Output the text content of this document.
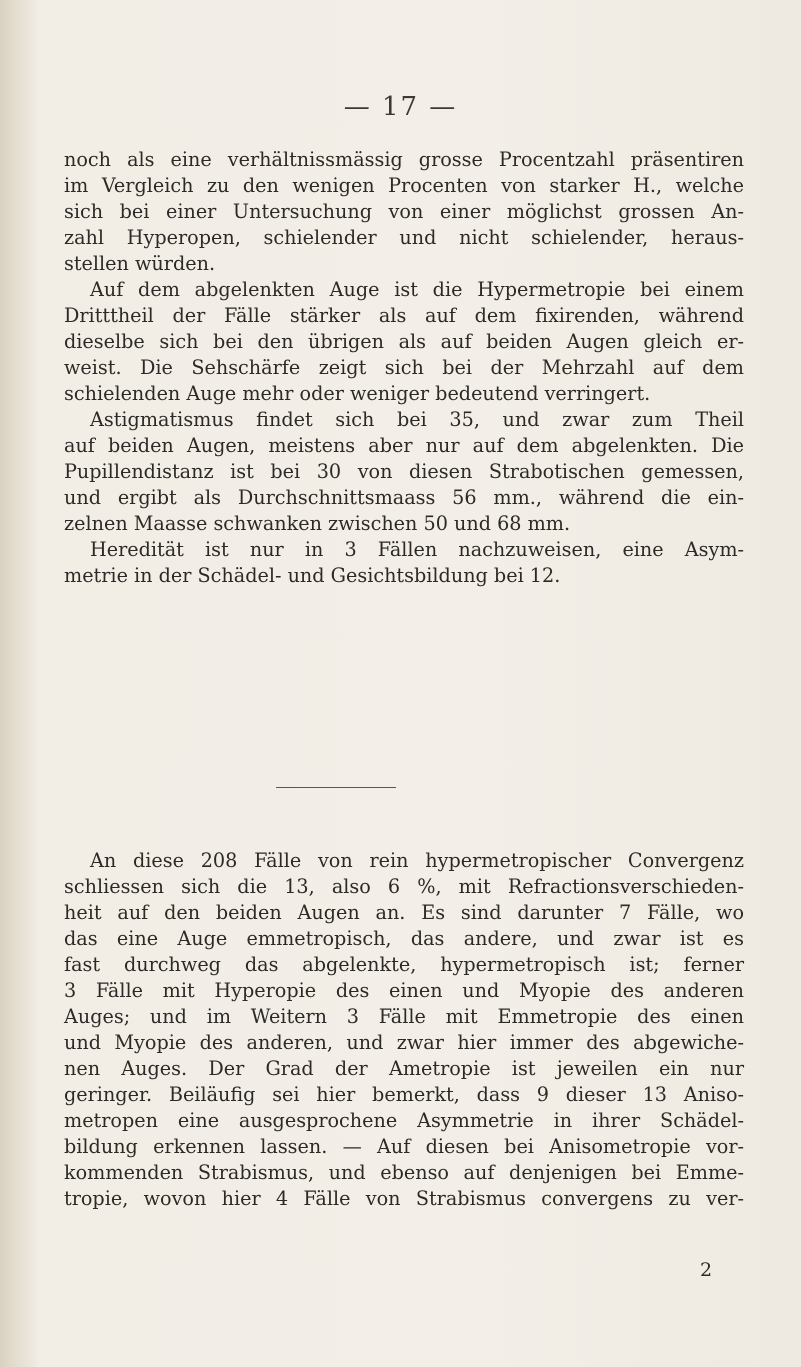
— 17 —
noch als eine verhältnissmässig grosse Procentzahl präsentiren
im Vergleich zu den wenigen Procenten von starker H., welche
sich bei einer Untersuchung von einer möglichst grossen An-
zahl Hyperopen, schielender und nicht schielender, heraus-
stellen würden.
Auf dem abgelenkten Auge ist die Hypermetropie bei einem
Dritttheil der Fälle stärker als auf dem fixirenden, während
dieselbe sich bei den übrigen als auf beiden Augen gleich er-
weist. Die Sehschärfe zeigt sich bei der Mehrzahl auf dem
schielenden Auge mehr oder weniger bedeutend verringert.
Astigmatismus findet sich bei 35, und zwar zum Theil
auf beiden Augen, meistens aber nur auf dem abgelenkten. Die
Pupillendistanz ist bei 30 von diesen Strabotischen gemessen,
und ergibt als Durchschnittsmaass 56 mm., während die ein-
zelnen Maasse schwanken zwischen 50 und 68 mm.
Heredität ist nur in 3 Fällen nachzuweisen, eine Asym-
metrie in der Schädel- und Gesichtsbildung bei 12.
An diese 208 Fälle von rein hypermetropischer Convergenz
schliessen sich die 13, also 6 %, mit Refractionsverschieden-
heit auf den beiden Augen an. Es sind darunter 7 Fälle, wo
das eine Auge emmetropisch, das andere, und zwar ist es
fast durchweg das abgelenkte, hypermetropisch ist; ferner
3 Fälle mit Hyperopie des einen und Myopie des anderen
Auges; und im Weitern 3 Fälle mit Emmetropie des einen
und Myopie des anderen, und zwar hier immer des abgewiche-
nen Auges. Der Grad der Ametropie ist jeweilen ein nur
geringer. Beiläufig sei hier bemerkt, dass 9 dieser 13 Aniso-
metropen eine ausgesprochene Asymmetrie in ihrer Schädel-
bildung erkennen lassen. — Auf diesen bei Anisometropie vor-
kommenden Strabismus, und ebenso auf denjenigen bei Emme-
tropie, wovon hier 4 Fälle von Strabismus convergens zu ver-
2
